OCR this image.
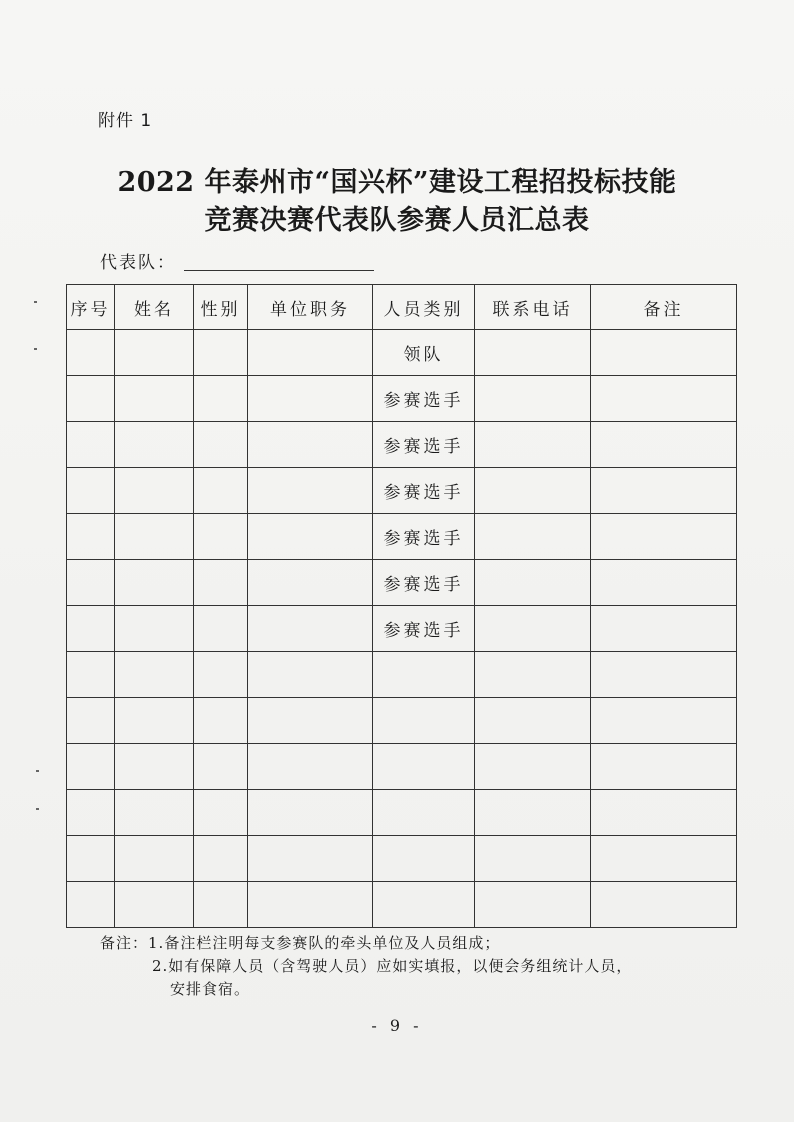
附件 1
2022 年泰州市“国兴杯”建设工程招投标技能
竞赛决赛代表队参赛人员汇总表
代表队：
序号	姓名	性别	单位职务	人员类别	联系电话	备注
				领队		
				参赛选手		
				参赛选手		
				参赛选手		
				参赛选手		
				参赛选手		
				参赛选手		

备注：1.备注栏注明每支参赛队的牵头单位及人员组成；
2.如有保障人员（含驾驶人员）应如实填报，以便会务组统计人员，
安排食宿。
- 9 -
